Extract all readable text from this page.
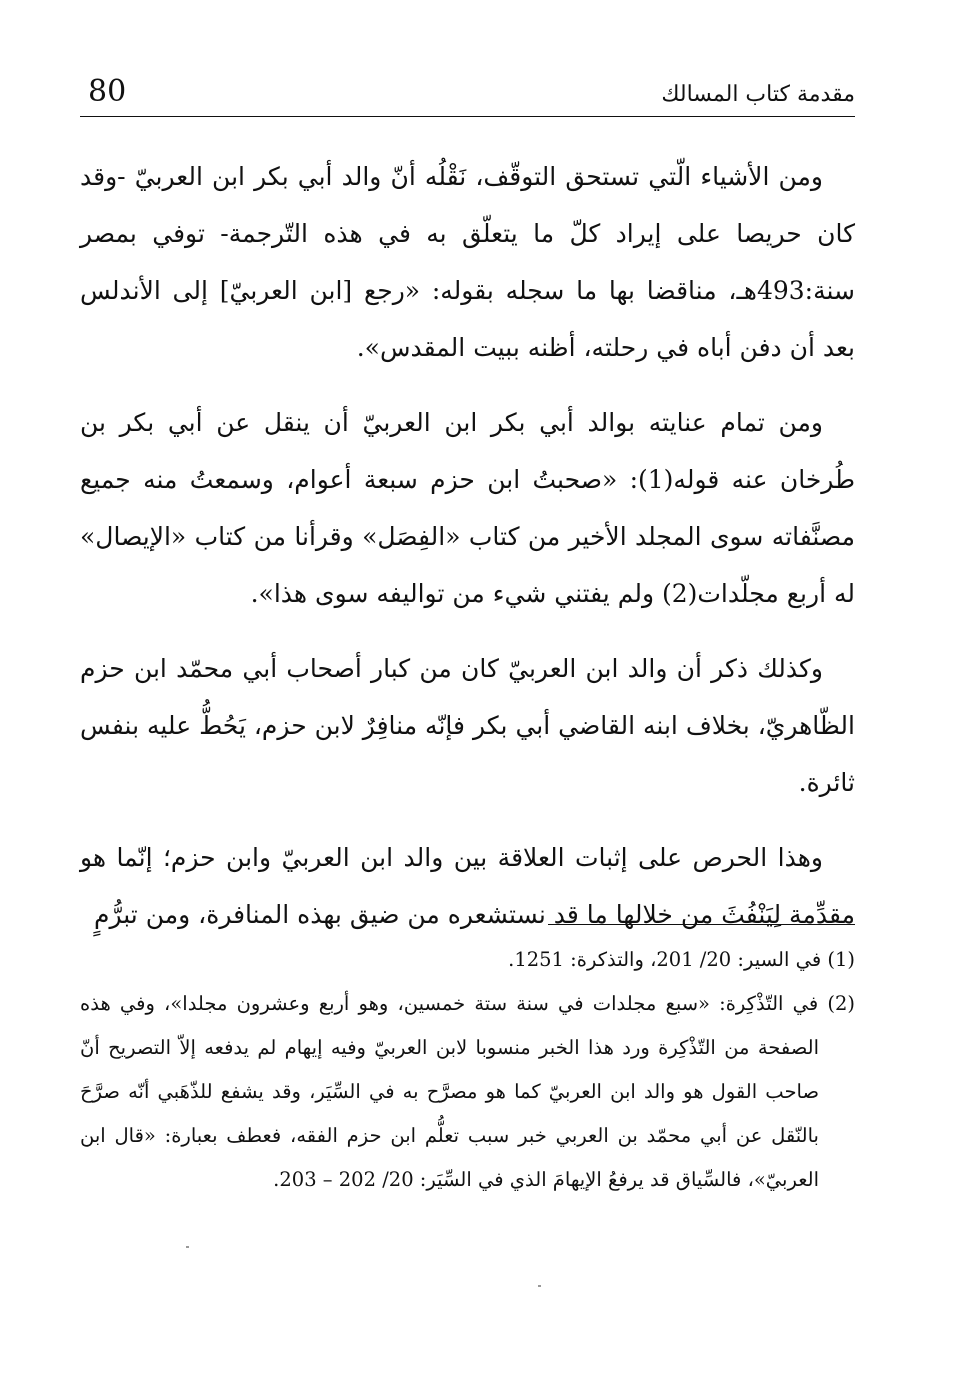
80	مقدمة كتاب المسالك

ومن الأشياء الّتي تستحق التوقّف، نَقْلُه أنّ والد أبي بكر ابن العربيّ -وقد كان حريصا على إيراد كلّ ما يتعلّق به في هذه التّرجمة- توفي بمصر سنة:493هـ، مناقضا بها ما سجله بقوله: «رجع [ابن العربيّ] إلى الأندلس بعد أن دفن أباه في رحلته، أظنه ببيت المقدس».

ومن تمام عنايته بوالد أبي بكر ابن العربيّ أن ينقل عن أبي بكر بن طُرخان عنه قوله(1): «صحبتُ ابن حزم سبعة أعوام، وسمعتُ منه جميع مصنَّفاته سوى المجلد الأخير من كتاب «الفِصَل» وقرأنا من كتاب «الإيصال» له أربع مجلّدات(2) ولم يفتني شيء من تواليفه سوى هذا».

وكذلك ذكر أن والد ابن العربيّ كان من كبار أصحاب أبي محمّد ابن حزم الظّاهريّ، بخلاف ابنه القاضي أبي بكر فإنّه منافِرٌ لابن حزم، يَحُطُّ عليه بنفس ثائرة.

وهذا الحرص على إثبات العلاقة بين والد ابن العربيّ وابن حزم؛ إنّما هو مقدِّمة لِيَنْفُثَ من خلالها ما قد نستشعره من ضيق بهذه المنافرة، ومن تبرُّمٍ

(1) في السير: 20/ 201، والتذكرة: 1251.

(2) في التّذْكِرة: «سبع مجلدات في سنة ستة خمسين، وهو أربع وعشرون مجلدا»، وفي هذه الصفحة من التّذْكِرة ورد هذا الخبر منسوبا لابن العربيّ وفيه إيهام لم يدفعه إلاّ التصريح أنّ صاحب القول هو والد ابن العربيّ كما هو مصرَّح به في السِّيَر، وقد يشفع للذّهَبي أنّه صرَّحَ بالنّقل عن أبي محمّد بن العربي خبر سبب تعلُّم ابن حزم الفقه، فعطف بعبارة: «قال ابن العربيّ»، فالسِّياق قد يرفعُ الإيهامَ الذي في السِّيَر: 20/ 202 – 203.
